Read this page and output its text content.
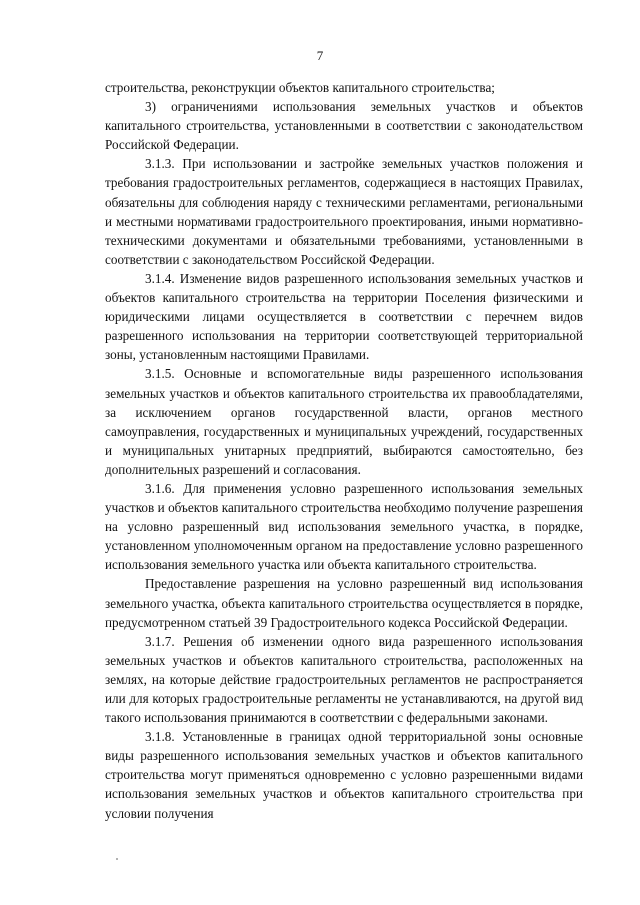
7

строительства, реконструкции объектов капитального строительства;

3) ограничениями использования земельных участков и объектов капитального строительства, установленными в соответствии с законодательством Российской Федерации.

3.1.3. При использовании и застройке земельных участков положения и требования градостроительных регламентов, содержащиеся в настоящих Правилах, обязательны для соблюдения наряду с техническими регламентами, региональными и местными нормативами градостроительного проектирования, иными нормативно-техническими документами и обязательными требованиями, установленными в соответствии с законодательством Российской Федерации.

3.1.4. Изменение видов разрешенного использования земельных участков и объектов капитального строительства на территории Поселения физическими и юридическими лицами осуществляется в соответствии с перечнем видов разрешенного использования на территории соответствующей территориальной зоны, установленным настоящими Правилами.

3.1.5. Основные и вспомогательные виды разрешенного использования земельных участков и объектов капитального строительства их правообладателями, за исключением органов государственной власти, органов местного самоуправления, государственных и муниципальных учреждений, государственных и муниципальных унитарных предприятий, выбираются самостоятельно, без дополнительных разрешений и согласования.

3.1.6. Для применения условно разрешенного использования земельных участков и объектов капитального строительства необходимо получение разрешения на условно разрешенный вид использования земельного участка, в порядке, установленном уполномоченным органом на предоставление условно разрешенного использования земельного участка или объекта капитального строительства.

Предоставление разрешения на условно разрешенный вид использования земельного участка, объекта капитального строительства осуществляется в порядке, предусмотренном статьей 39 Градостроительного кодекса Российской Федерации.

3.1.7. Решения об изменении одного вида разрешенного использования земельных участков и объектов капитального строительства, расположенных на землях, на которые действие градостроительных регламентов не распространяется или для которых градостроительные регламенты не устанавливаются, на другой вид такого использования принимаются в соответствии с федеральными законами.

3.1.8. Установленные в границах одной территориальной зоны основные виды разрешенного использования земельных участков и объектов капитального строительства могут применяться одновременно с условно разрешенными видами использования земельных участков и объектов капитального строительства при условии получения
